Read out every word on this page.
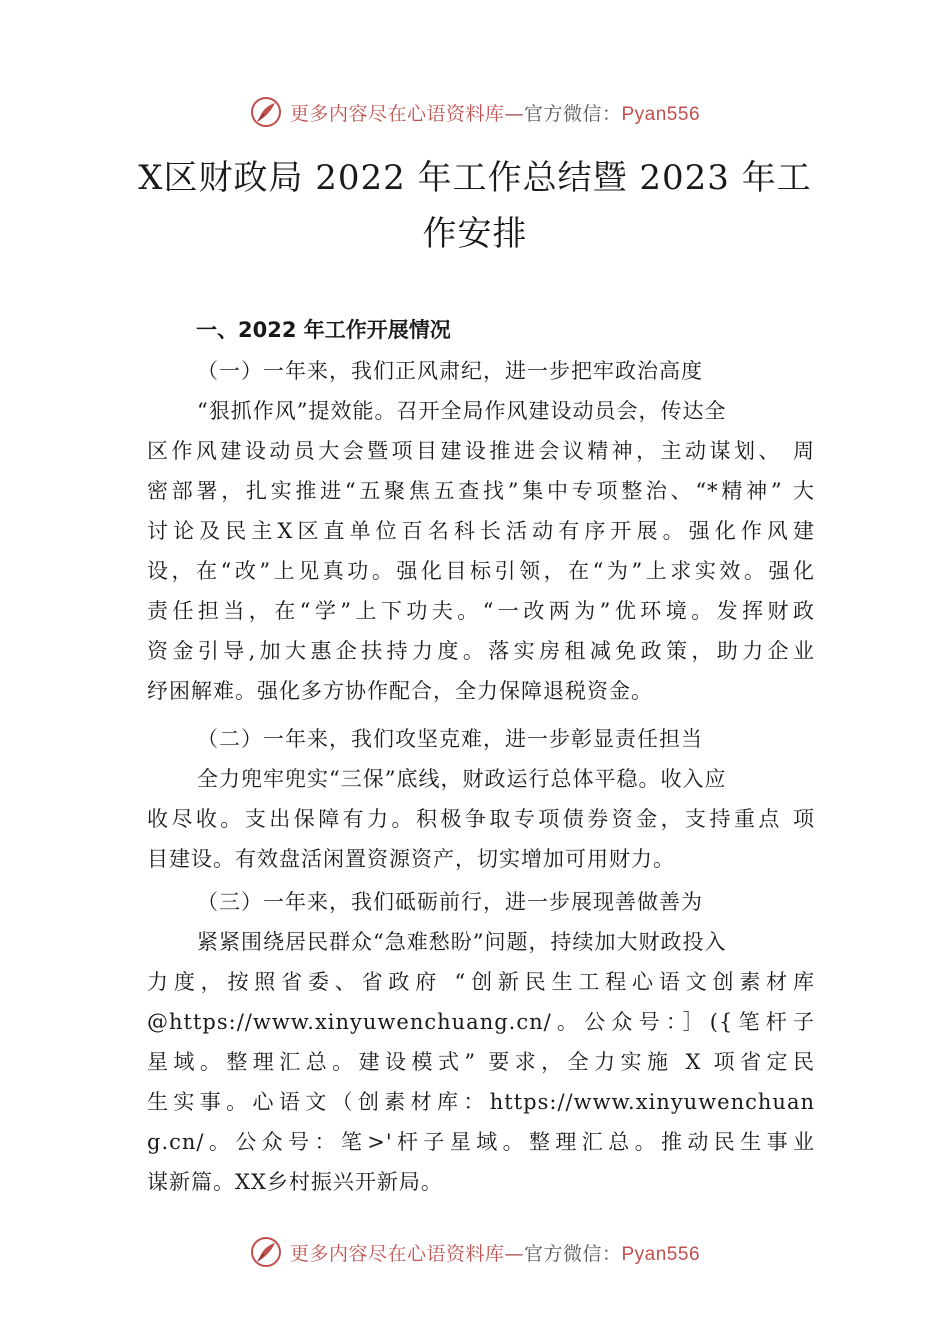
更多内容尽在心语资料库—官方微信：Pyan556
X区财政局 2022 年工作总结暨 2023 年工
作安排
一、2022 年工作开展情况
（一）一年来，我们正风肃纪，进一步把牢政治高度
“狠抓作风”提效能。召开全局作风建设动员会，传达全
区作风建设动员大会暨项目建设推进会议精神，主动谋划、 周
密部署，扎实推进“五聚焦五查找”集中专项整治、“*精神” 大
讨论及民主X区直单位百名科长活动有序开展。强化作风建
设，在“改”上见真功。强化目标引领，在“为”上求实效。强化
责任担当，在“学”上下功夫。“一改两为”优环境。发挥财政
资金引导,加大惠企扶持力度。落实房租减免政策，助力企业
纾困解难。强化多方协作配合，全力保障退税资金。
（二）一年来，我们攻坚克难，进一步彰显责任担当
全力兜牢兜实“三保”底线，财政运行总体平稳。收入应
收尽收。支出保障有力。积极争取专项债券资金，支持重点 项
目建设。有效盘活闲置资源资产，切实增加可用财力。
（三）一年来，我们砥砺前行，进一步展现善做善为
紧紧围绕居民群众“急难愁盼”问题，持续加大财政投入
力度，按照省委、省政府 “创新民生工程心语文创素材库
@https://www.xinyuwenchuang.cn/。公众号：］({笔杆子
星域。整理汇总。建设模式” 要求，全力实施 X 项省定民
生实事。心语文（创素材库：https://www.xinyuwenchuan
g.cn/。公众号：笔>'杆子星域。整理汇总。推动民生事业
谋新篇。XX乡村振兴开新局。
更多内容尽在心语资料库—官方微信：Pyan556
